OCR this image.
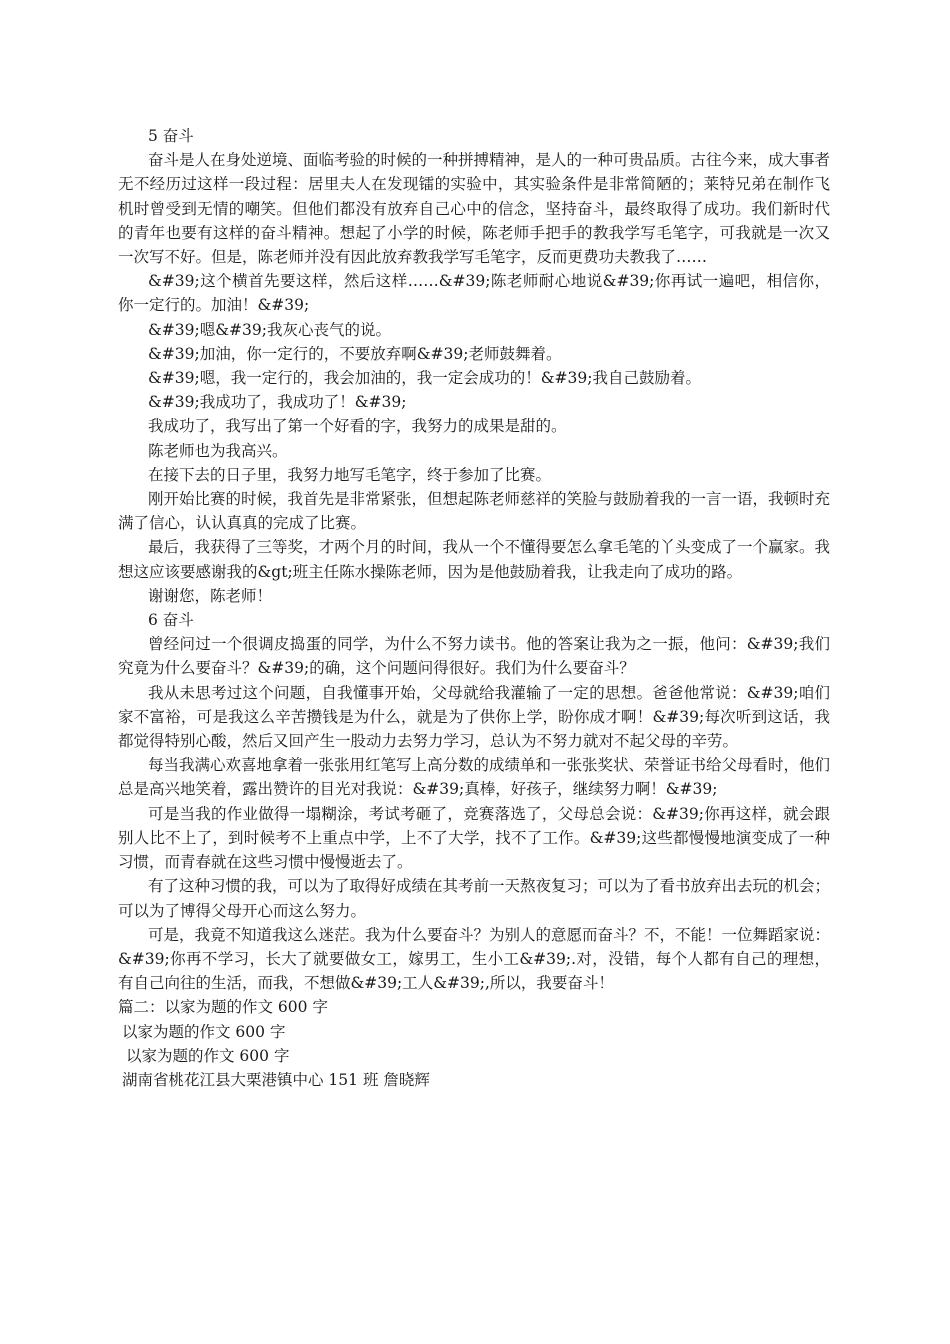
5 奋斗

奋斗是人在身处逆境、面临考验的时候的一种拼搏精神，是人的一种可贵品质。古往今来，成大事者无不经历过这样一段过程：居里夫人在发现镭的实验中，其实验条件是非常简陋的；莱特兄弟在制作飞机时曾受到无情的嘲笑。但他们都没有放弃自己心中的信念，坚持奋斗，最终取得了成功。我们新时代的青年也要有这样的奋斗精神。想起了小学的时候，陈老师手把手的教我学写毛笔字，可我就是一次又一次写不好。但是，陈老师并没有因此放弃教我学写毛笔字，反而更费功夫教我了……

&#39;这个横首先要这样，然后这样……&#39;陈老师耐心地说&#39;你再试一遍吧，相信你，你一定行的。加油！&#39;

&#39;嗯&#39;我灰心丧气的说。

&#39;加油，你一定行的，不要放弃啊&#39;老师鼓舞着。

&#39;嗯，我一定行的，我会加油的，我一定会成功的！&#39;我自己鼓励着。

&#39;我成功了，我成功了！&#39;

我成功了，我写出了第一个好看的字，我努力的成果是甜的。

陈老师也为我高兴。

在接下去的日子里，我努力地写毛笔字，终于参加了比赛。

刚开始比赛的时候，我首先是非常紧张，但想起陈老师慈祥的笑脸与鼓励着我的一言一语，我顿时充满了信心，认认真真的完成了比赛。

最后，我获得了三等奖，才两个月的时间，我从一个不懂得要怎么拿毛笔的丫头变成了一个赢家。我想这应该要感谢我的&gt;班主任陈水操陈老师，因为是他鼓励着我，让我走向了成功的路。

谢谢您，陈老师！

6 奋斗

曾经问过一个很调皮捣蛋的同学，为什么不努力读书。他的答案让我为之一振，他问：&#39;我们究竟为什么要奋斗？&#39;的确，这个问题问得很好。我们为什么要奋斗？

我从未思考过这个问题，自我懂事开始，父母就给我灌输了一定的思想。爸爸他常说：&#39;咱们家不富裕，可是我这么辛苦攒钱是为什么，就是为了供你上学，盼你成才啊！&#39;每次听到这话，我都觉得特别心酸，然后又回产生一股动力去努力学习，总认为不努力就对不起父母的辛劳。

每当我满心欢喜地拿着一张张用红笔写上高分数的成绩单和一张张奖状、荣誉证书给父母看时，他们总是高兴地笑着，露出赞许的目光对我说：&#39;真棒，好孩子，继续努力啊！&#39;

可是当我的作业做得一塌糊涂，考试考砸了，竞赛落选了，父母总会说：&#39;你再这样，就会跟别人比不上了，到时候考不上重点中学，上不了大学，找不了工作。&#39;这些都慢慢地演变成了一种习惯，而青春就在这些习惯中慢慢逝去了。

有了这种习惯的我，可以为了取得好成绩在其考前一天熬夜复习；可以为了看书放弃出去玩的机会；可以为了博得父母开心而这么努力。

可是，我竟不知道我这么迷茫。我为什么要奋斗？为别人的意愿而奋斗？不，不能！一位舞蹈家说：&#39;你再不学习，长大了就要做女工，嫁男工，生小工&#39;.对，没错，每个人都有自己的理想，有自己向往的生活，而我，不想做&#39;工人&#39;,所以，我要奋斗！

篇二：以家为题的作文 600 字

以家为题的作文 600 字

以家为题的作文 600 字

湖南省桃花江县大栗港镇中心 151 班 詹晓辉
